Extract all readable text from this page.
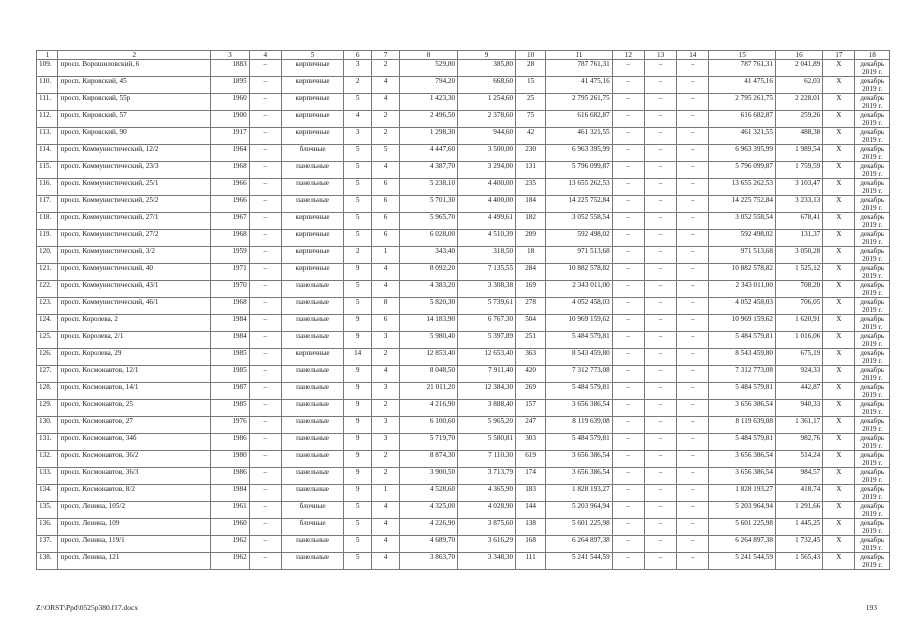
1	2	3	4	5	6	7	8	9	10	11	12	13	14	15	16	17	18
109.	просп. Ворошиловский, 6	1883	–	кирпичные	3	2	529,80	385,80	28	787 761,31	–	–	–	787 761,31	2 041,89	Х	декабрь 2019 г.
110.	просп. Кировский, 45	1895	–	кирпичные	2	4	794,20	668,60	15	41 475,16	–	–	–	41 475,16	62,03	Х	декабрь 2019 г.
111.	просп. Кировский, 55р	1960	–	кирпичные	5	4	1 423,30	1 254,60	25	2 795 261,75	–	–	–	2 795 261,75	2 228,01	Х	декабрь 2019 г.
112.	просп. Кировский, 57	1900	–	кирпичные	4	2	2 496,50	2 378,60	75	616 682,87	–	–	–	616 682,87	259,26	Х	декабрь 2019 г.
113.	просп. Кировский, 90	1917	–	кирпичные	3	2	1 298,30	944,60	42	461 321,55	–	–	–	461 321,55	488,38	Х	декабрь 2019 г.
114.	просп. Коммунистический, 12/2	1964	–	блочные	5	5	4 447,60	3 500,00	230	6 963 395,99	–	–	–	6 963 395,99	1 989,54	Х	декабрь 2019 г.
115.	просп. Коммунистический, 23/3	1968	–	панельные	5	4	4 387,70	3 294,00	131	5 796 099,87	–	–	–	5 796 099,87	1 759,59	Х	декабрь 2019 г.
116.	просп. Коммунистический, 25/1	1966	–	панельные	5	6	5 238,10	4 400,00	235	13 655 262,53	–	–	–	13 655 262,53	3 103,47	Х	декабрь 2019 г.
117.	просп. Коммунистический, 25/2	1966	–	панельные	5	6	5 701,30	4 400,00	184	14 225 752,84	–	–	–	14 225 752,84	3 233,13	Х	декабрь 2019 г.
118.	просп. Коммунистический, 27/1	1967	–	кирпичные	5	6	5 965,70	4 499,61	182	3 052 558,54	–	–	–	3 052 558,54	678,41	Х	декабрь 2019 г.
119.	просп. Коммунистический, 27/2	1968	–	кирпичные	5	6	6 028,00	4 510,39	209	592 498,02	–	–	–	592 498,02	131,37	Х	декабрь 2019 г.
120.	просп. Коммунистический, 3/2	1959	–	кирпичные	2	1	343,40	318,50	18	971 513,68	–	–	–	971 513,68	3 050,28	Х	декабрь 2019 г.
121.	просп. Коммунистический, 40	1971	–	кирпичные	9	4	8 092,20	7 135,55	284	10 882 578,82	–	–	–	10 882 578,82	1 525,12	Х	декабрь 2019 г.
122.	просп. Коммунистический, 43/1	1970	–	панельные	5	4	4 383,20	3 308,38	169	2 343 011,00	–	–	–	2 343 011,00	708,20	Х	декабрь 2019 г.
123.	просп. Коммунистический, 46/1	1968	–	панельные	5	8	5 820,30	5 739,61	278	4 052 458,03	–	–	–	4 052 458,03	706,05	Х	декабрь 2019 г.
124.	просп. Королева, 2	1984	–	панельные	9	6	14 183,90	6 767,30	504	10 969 159,62	–	–	–	10 969 159,62	1 620,91	Х	декабрь 2019 г.
125.	просп. Королева, 2/1	1984	–	панельные	9	3	5 980,40	5 397,89	251	5 484 579,81	–	–	–	5 484 579,81	1 016,06	Х	декабрь 2019 г.
126.	просп. Королева, 29	1985	–	кирпичные	14	2	12 853,40	12 653,40	363	8 543 459,80	–	–	–	8 543 459,80	675,19	Х	декабрь 2019 г.
127.	просп. Космонавтов, 12/1	1985	–	панельные	9	4	8 048,50	7 911,40	420	7 312 773,08	–	–	–	7 312 773,08	924,33	Х	декабрь 2019 г.
128.	просп. Космонавтов, 14/1	1987	–	панельные	9	3	21 011,20	12 384,30	269	5 484 579,81	–	–	–	5 484 579,81	442,87	Х	декабрь 2019 г.
129.	просп. Космонавтов, 25	1985	–	панельные	9	2	4 216,90	3 888,40	157	3 656 386,54	–	–	–	3 656 386,54	940,33	Х	декабрь 2019 г.
130.	просп. Космонавтов, 27	1976	–	панельные	9	3	6 100,60	5 965,20	247	8 119 639,08	–	–	–	8 119 639,08	1 361,17	Х	декабрь 2019 г.
131.	просп. Космонавтов, 34б	1986	–	панельные	9	3	5 719,70	5 580,81	303	5 484 579,81	–	–	–	5 484 579,81	982,76	Х	декабрь 2019 г.
132.	просп. Космонавтов, 36/2	1980	–	панельные	9	2	8 874,30	7 110,30	619	3 656 386,54	–	–	–	3 656 386,54	514,24	Х	декабрь 2019 г.
133.	просп. Космонавтов, 36/3	1986	–	панельные	9	2	3 900,50	3 713,79	174	3 656 386,54	–	–	–	3 656 386,54	984,57	Х	декабрь 2019 г.
134.	просп. Космонавтов, 8/2	1984	–	панельные	9	1	4 528,60	4 365,90	183	1 828 193,27	–	–	–	1 828 193,27	418,74	Х	декабрь 2019 г.
135.	просп. Ленина, 105/2	1961	–	блочные	5	4	4 325,00	4 028,90	144	5 203 964,94	–	–	–	5 203 964,94	1 291,66	Х	декабрь 2019 г.
136.	просп. Ленина, 109	1960	–	блочные	5	4	4 226,90	3 875,60	138	5 601 225,98	–	–	–	5 601 225,98	1 445,25	Х	декабрь 2019 г.
137.	просп. Ленина, 119/1	1962	–	панельные	5	4	4 689,70	3 616,29	168	6 264 897,38	–	–	–	6 264 897,38	1 732,45	Х	декабрь 2019 г.
138.	просп. Ленина, 121	1962	–	панельные	5	4	3 863,70	3 348,30	111	5 241 544,59	–	–	–	5 241 544,59	1 565,43	Х	декабрь 2019 г.
Z:\ORST\Ppd\0525p380.f17.docx	193
